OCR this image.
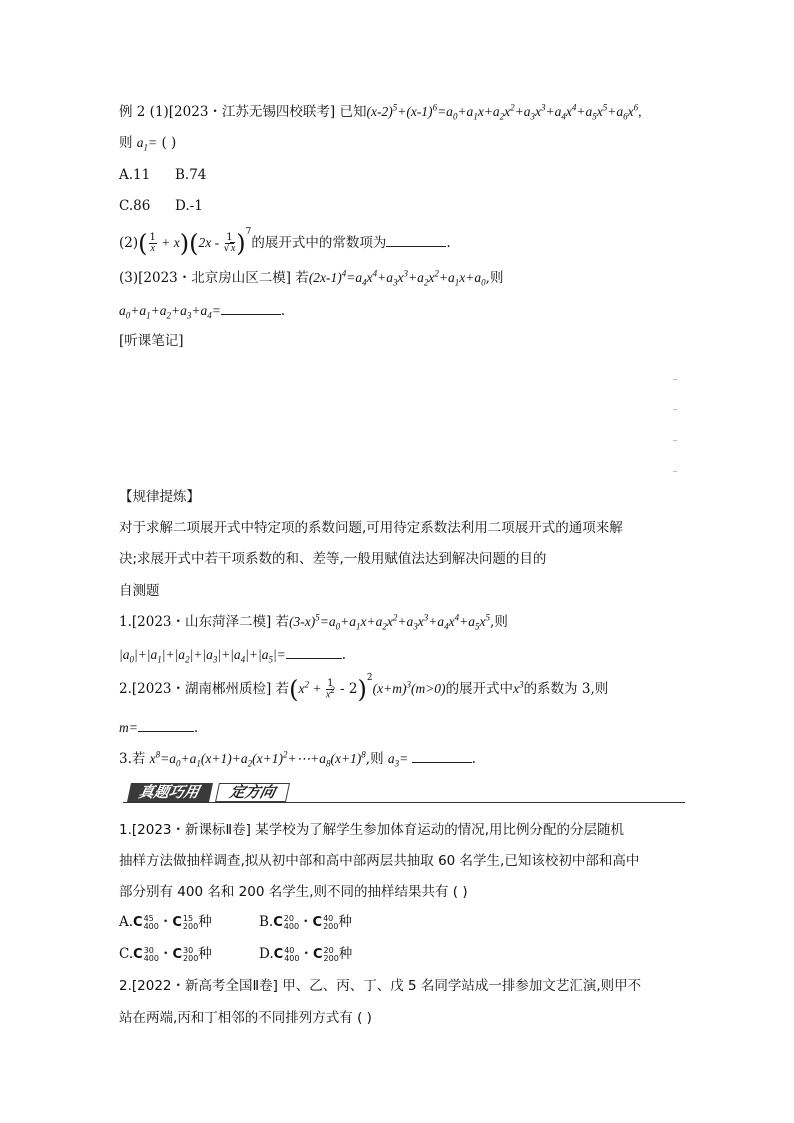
例 2 (1)[2023・江苏无锡四校联考] 已知$(x-2)^5+(x-1)^6=a_0+a_1x+a_2x^2+a_3x^3+a_4x^4+a_5x^5+a_6x^6$,
则 $a_1=$ ( )
A.11 B.74
C.86 D.-1
$(2)( \frac{1}{x} + x)(2x - \frac{1}{√x} )^7$的展开式中的常数项为	.
(3)[2023・北京房山区二模] 若$(2x-1)^4=a_4x^4+a_3x^3+a_2x^2+a_1x+a_0$,则
$a_0+a_1+a_2+a_3+a_4=$	.
[听课笔记]
【规律提炼】
对于求解二项展开式中特定项的系数问题,可用待定系数法利用二项展开式的通项来解
决;求展开式中若干项系数的和、差等,一般用赋值法达到解决问题的目的
自测题
1.[2023・山东菏泽二模] 若$(3-x)^5=a_0+a_1x+a_2x^2+a_3x^3+a_4x^4+a_5x^5$,则
$|a_0|+|a_1|+|a_2|+|a_3|+|a_4|+|a_5|=$	.
2.[2023・湖南郴州质检] 若$(x^2 + \frac{1}{x^2} - 2)^2(x+m)^3(m>0)$的展开式中$x^3$的系数为 3,则
m=	.
3.若 $x^8=a_0+a_1(x+1)+a_2(x+1)^2+\cdots+a_8(x+1)^8$,则 $a_3=$	.
真题巧用	定方向
1.[2023・新课标Ⅱ卷] 某学校为了解学生参加体育运动的情况,用比例分配的分层随机
抽样方法做抽样调查,拟从初中部和高中部两层共抽取 60 名学生,已知该校初中部和高中
部分别有 400 名和 200 名学生,则不同的抽样结果共有 ( )
A. C 45
400 ・ C 15
200 种	B. C 20
400 ・ C 40
200 种
C. C 30
400 ・ C 30
200 种	D. C 40
400 ・ C 20
200 种
2.[2022・新高考全国Ⅱ卷] 甲、乙、丙、丁、戊 5 名同学站成一排参加文艺汇演,则甲不
站在两端,丙和丁相邻的不同排列方式有 ( )
